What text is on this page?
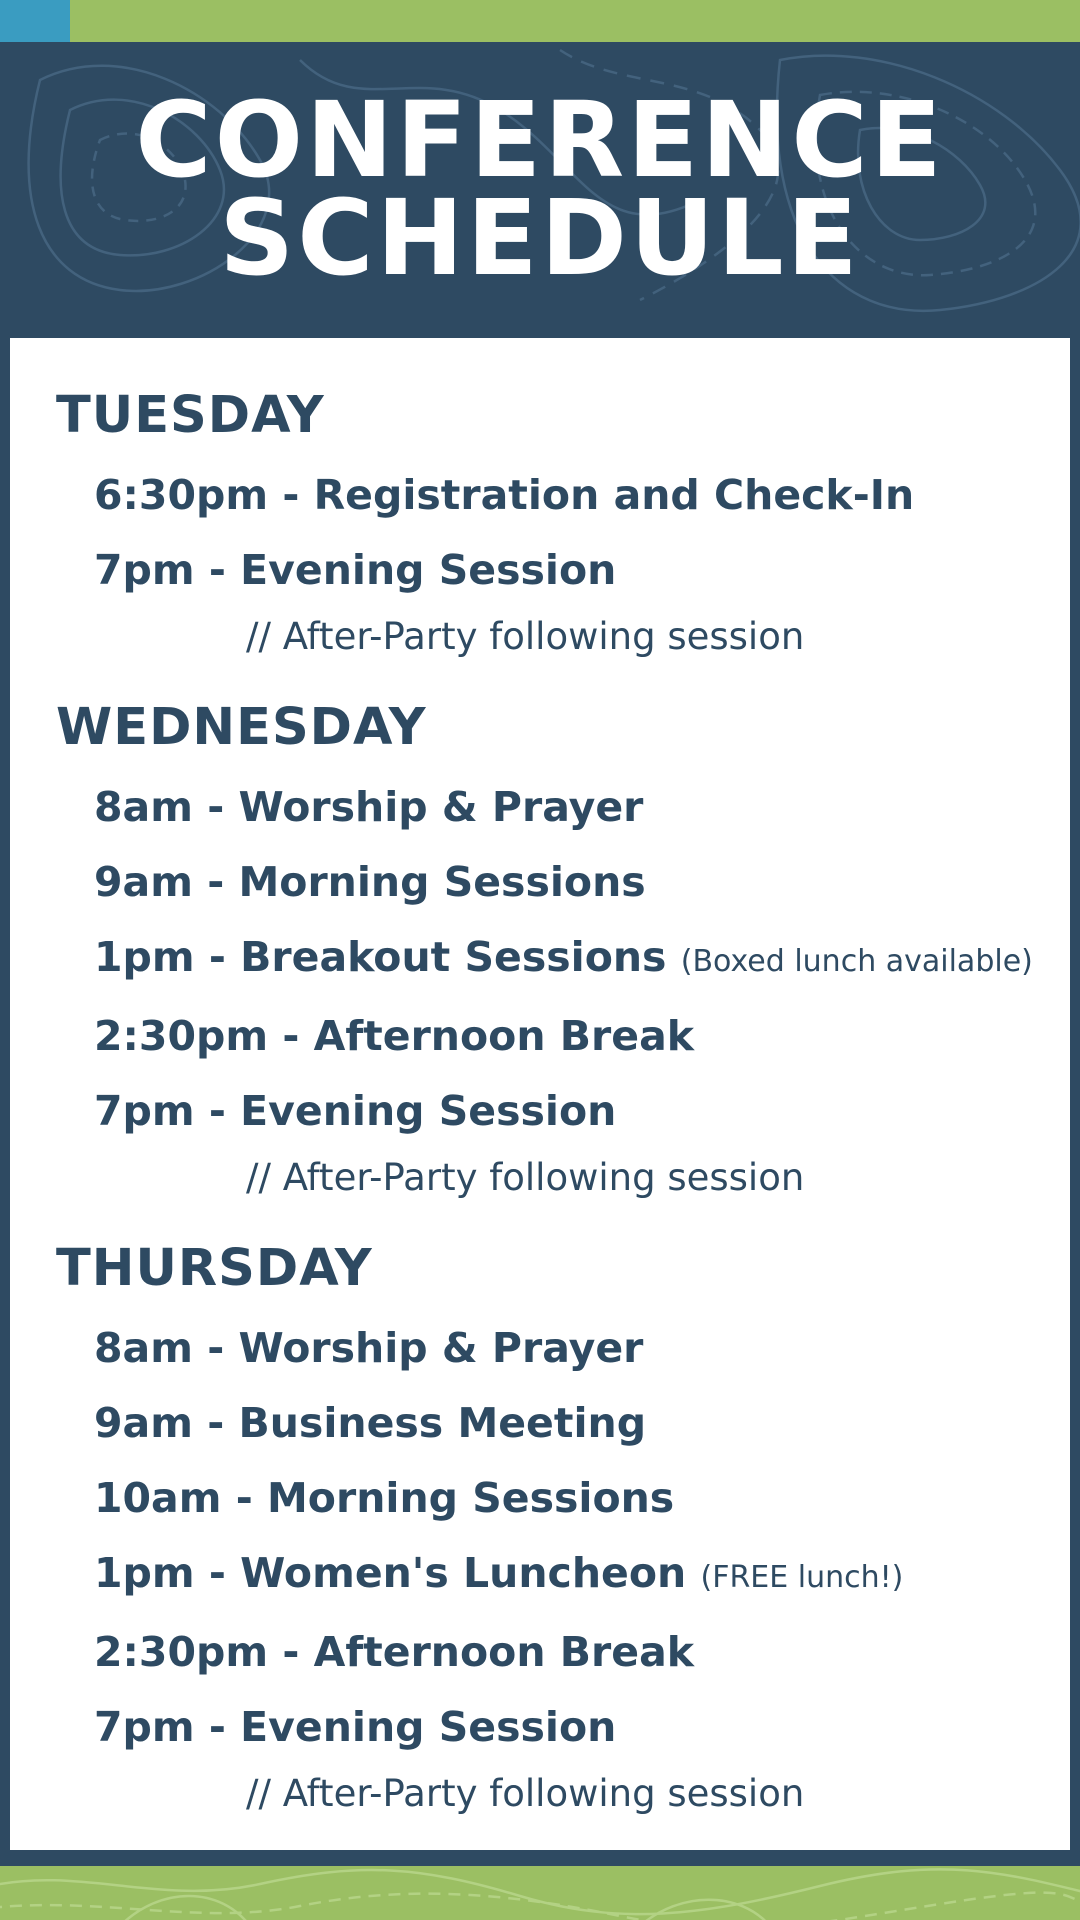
CONFERENCE
SCHEDULE
TUESDAY
6:30pm - Registration and Check-In
7pm - Evening Session
// After-Party following session
WEDNESDAY
8am - Worship & Prayer
9am - Morning Sessions
1pm - Breakout Sessions (Boxed lunch available)
2:30pm - Afternoon Break
7pm - Evening Session
// After-Party following session
THURSDAY
8am - Worship & Prayer
9am - Business Meeting
10am - Morning Sessions
1pm - Women's Luncheon (FREE lunch!)
2:30pm - Afternoon Break
7pm - Evening Session
// After-Party following session
